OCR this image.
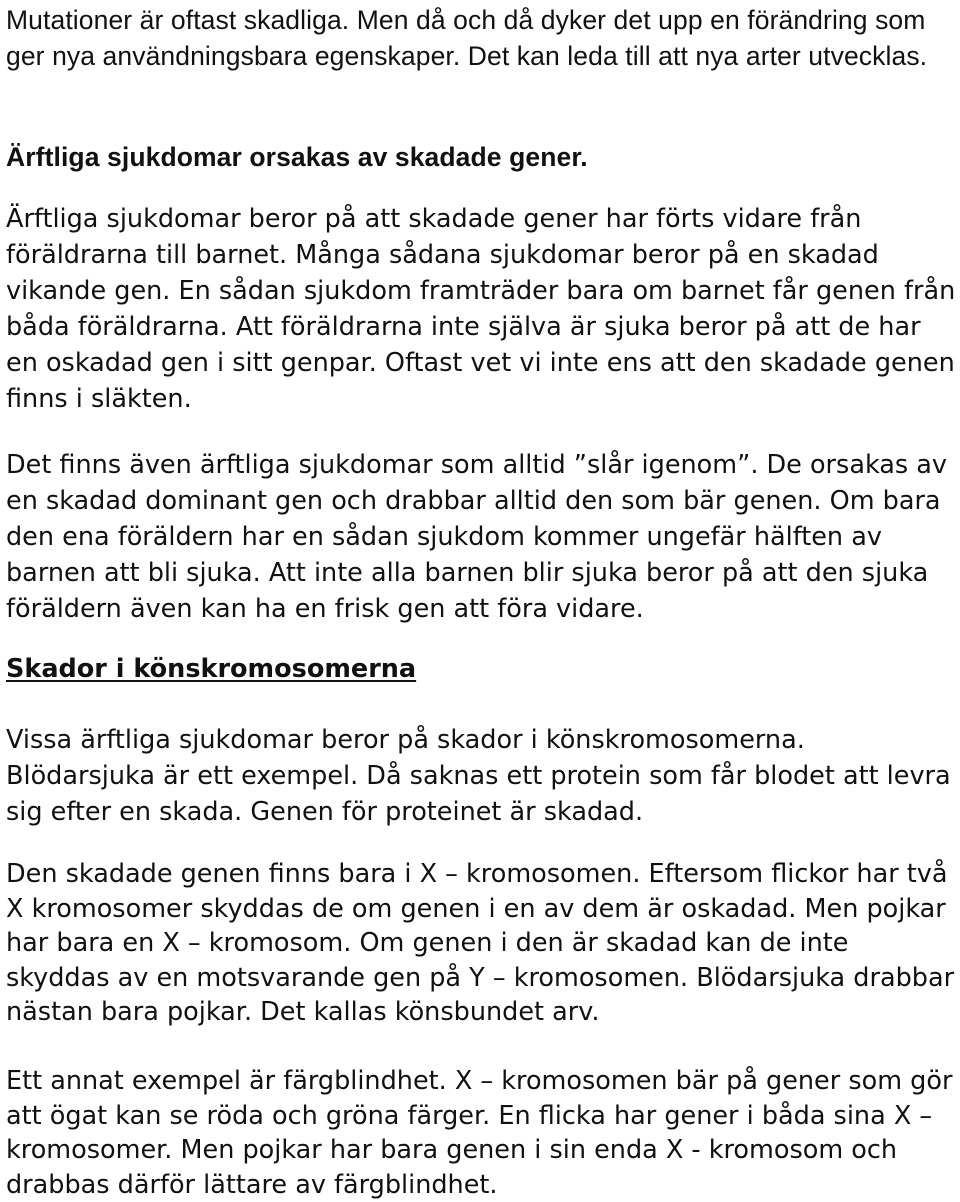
Mutationer är oftast skadliga. Men då och då dyker det upp en förändring som ger nya användningsbara egenskaper. Det kan leda till att nya arter utvecklas.

Ärftliga sjukdomar orsakas av skadade gener.

Ärftliga sjukdomar beror på att skadade gener har förts vidare från föräldrarna till barnet. Många sådana sjukdomar beror på en skadad vikande gen. En sådan sjukdom framträder bara om barnet får genen från båda föräldrarna. Att föräldrarna inte själva är sjuka beror på att de har en oskadad gen i sitt genpar. Oftast vet vi inte ens att den skadade genen finns i släkten.

Det finns även ärftliga sjukdomar som alltid ”slår igenom”. De orsakas av en skadad dominant gen och drabbar alltid den som bär genen. Om bara den ena föräldern har en sådan sjukdom kommer ungefär hälften av barnen att bli sjuka. Att inte alla barnen blir sjuka beror på att den sjuka föräldern även kan ha en frisk gen att föra vidare.

Skador i könskromosomerna

Vissa ärftliga sjukdomar beror på skador i könskromosomerna. Blödarsjuka är ett exempel. Då saknas ett protein som får blodet att levra sig efter en skada. Genen för proteinet är skadad.

Den skadade genen finns bara i X – kromosomen. Eftersom flickor har två X kromosomer skyddas de om genen i en av dem är oskadad. Men pojkar har bara en X – kromosom. Om genen i den är skadad kan de inte skyddas av en motsvarande gen på Y – kromosomen. Blödarsjuka drabbar nästan bara pojkar. Det kallas könsbundet arv.

Ett annat exempel är färgblindhet. X – kromosomen bär på gener som gör att ögat kan se röda och gröna färger. En flicka har gener i båda sina X – kromosomer. Men pojkar har bara genen i sin enda X - kromosom och drabbas därför lättare av färgblindhet.
